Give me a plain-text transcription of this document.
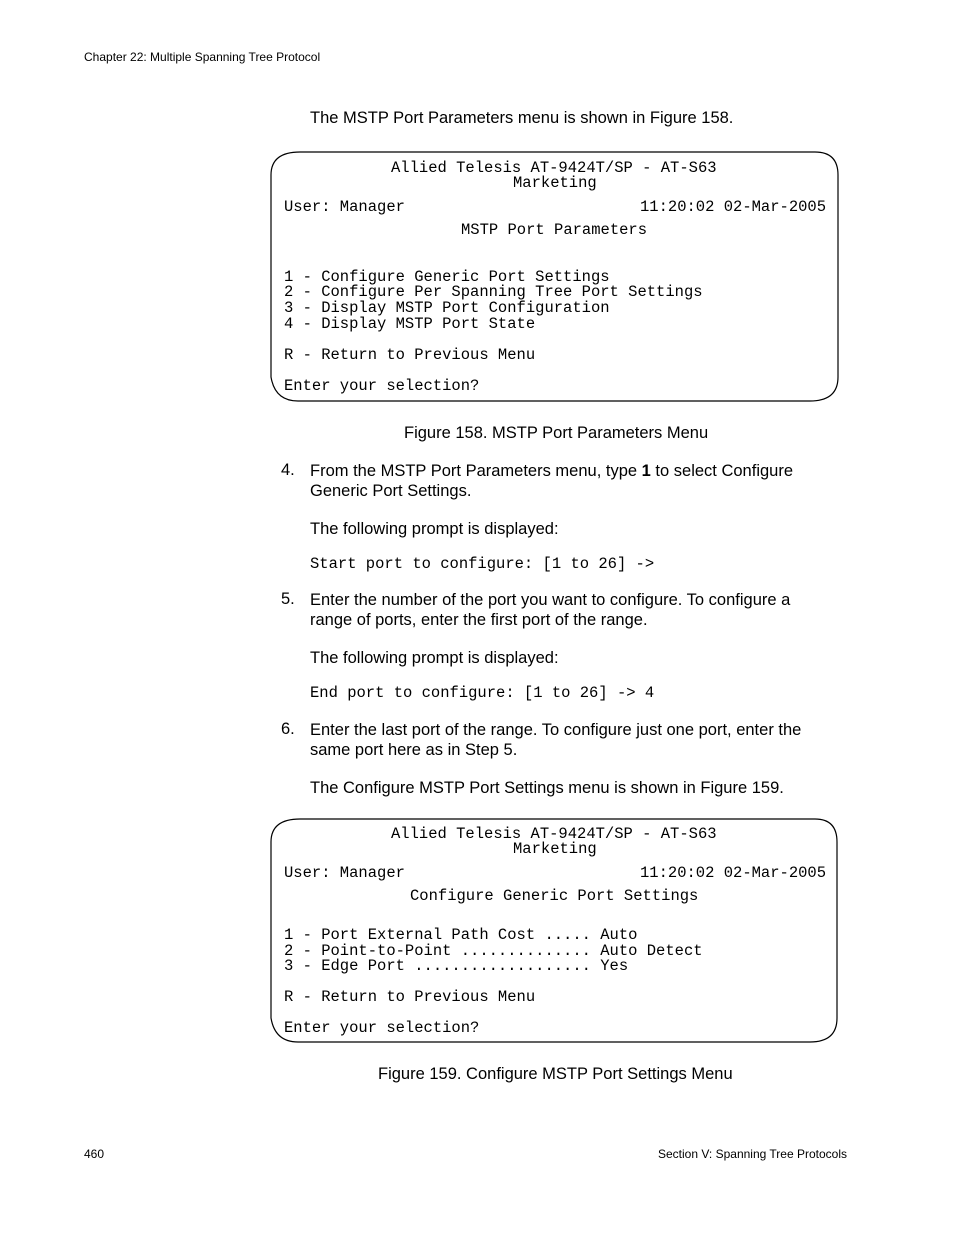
Chapter 22: Multiple Spanning Tree Protocol
The MSTP Port Parameters menu is shown in Figure 158.
Allied Telesis AT-9424T/SP - AT-S63
Marketing
User: Manager	11:20:02 02-Mar-2005
MSTP Port Parameters
1 - Configure Generic Port Settings
2 - Configure Per Spanning Tree Port Settings
3 - Display MSTP Port Configuration
4 - Display MSTP Port State
R - Return to Previous Menu
Enter your selection?
Figure 158. MSTP Port Parameters Menu
4. From the MSTP Port Parameters menu, type 1 to select Configure
Generic Port Settings.
The following prompt is displayed:
Start port to configure: [1 to 26] ->
5. Enter the number of the port you want to configure. To configure a
range of ports, enter the first port of the range.
The following prompt is displayed:
End port to configure: [1 to 26] -> 4
6. Enter the last port of the range. To configure just one port, enter the
same port here as in Step 5.
The Configure MSTP Port Settings menu is shown in Figure 159.
Allied Telesis AT-9424T/SP - AT-S63
Marketing
User: Manager	11:20:02 02-Mar-2005
Configure Generic Port Settings
1 - Port External Path Cost ..... Auto
2 - Point-to-Point .............. Auto Detect
3 - Edge Port ................... Yes
R - Return to Previous Menu
Enter your selection?
Figure 159. Configure MSTP Port Settings Menu
460	Section V: Spanning Tree Protocols
